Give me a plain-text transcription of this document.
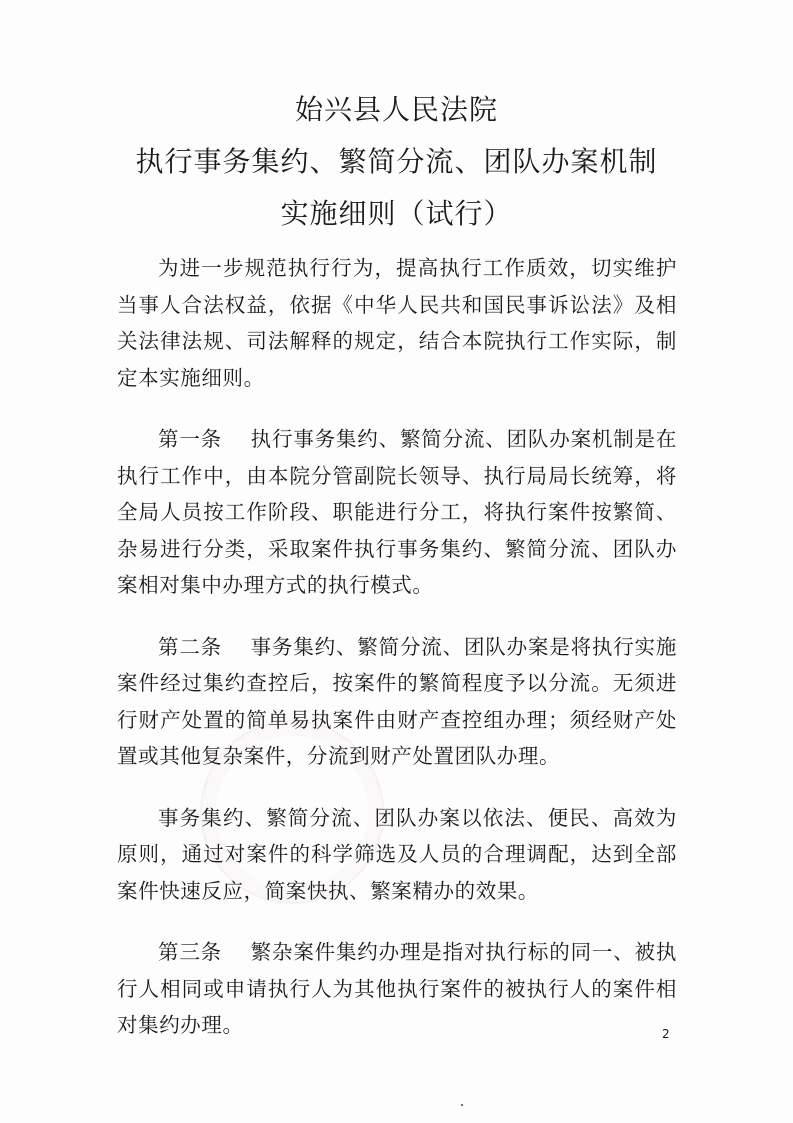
始兴县人民法院
执行事务集约、繁简分流、团队办案机制
实施细则（试行）

为进一步规范执行行为，提高执行工作质效，切实维护当事人合法权益，依据《中华人民共和国民事诉讼法》及相关法律法规、司法解释的规定，结合本院执行工作实际，制定本实施细则。

第一条 执行事务集约、繁简分流、团队办案机制是在执行工作中，由本院分管副院长领导、执行局局长统筹，将全局人员按工作阶段、职能进行分工，将执行案件按繁简、杂易进行分类，采取案件执行事务集约、繁简分流、团队办案相对集中办理方式的执行模式。

第二条 事务集约、繁简分流、团队办案是将执行实施案件经过集约查控后，按案件的繁简程度予以分流。无须进行财产处置的简单易执案件由财产查控组办理；须经财产处置或其他复杂案件，分流到财产处置团队办理。

事务集约、繁简分流、团队办案以依法、便民、高效为原则，通过对案件的科学筛选及人员的合理调配，达到全部案件快速反应，简案快执、繁案精办的效果。

第三条 繁杂案件集约办理是指对执行标的同一、被执行人相同或申请执行人为其他执行案件的被执行人的案件相对集约办理。	2
